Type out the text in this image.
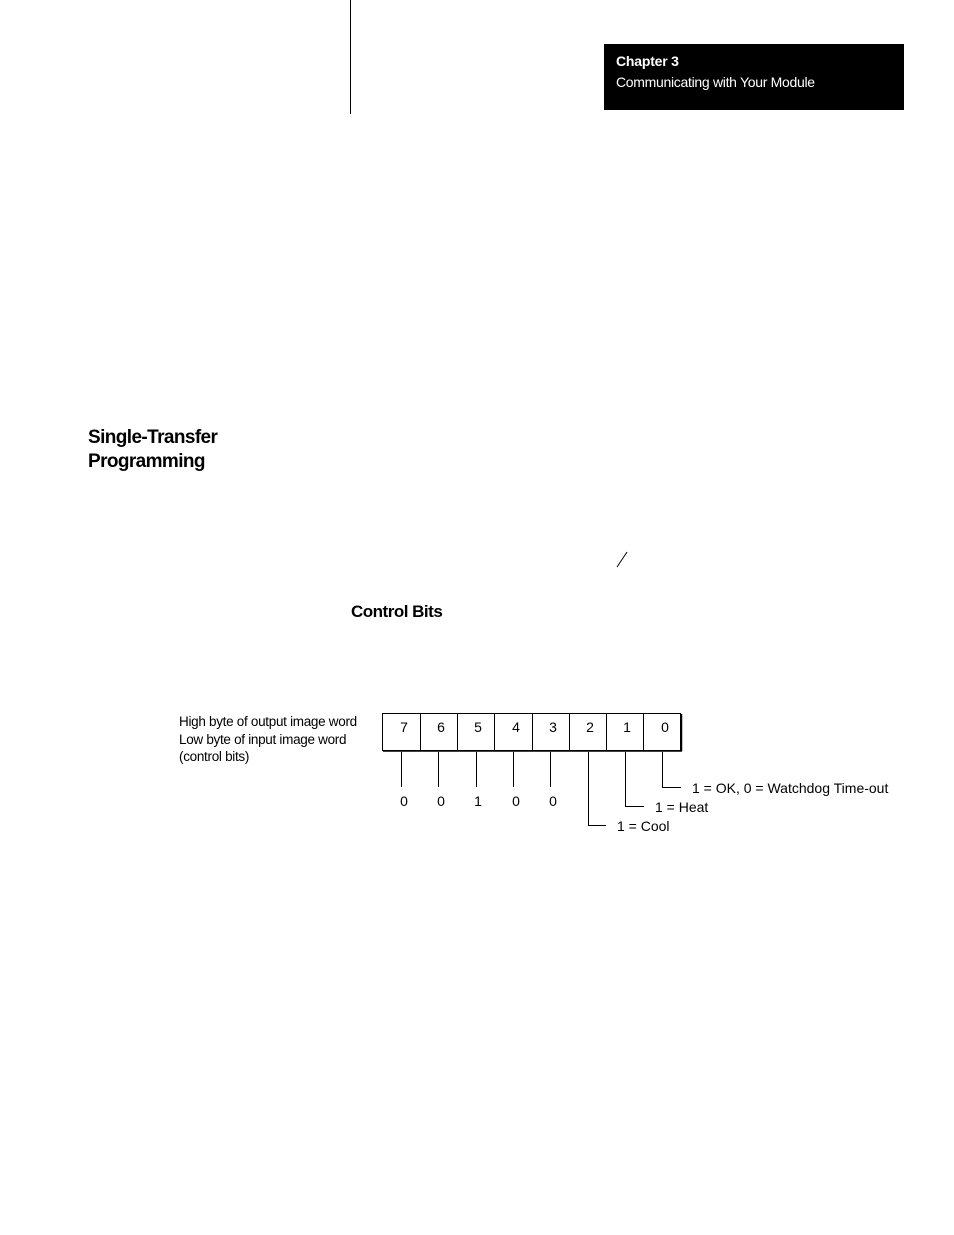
Chapter 3
Communicating with Your Module
Single-Transfer
Programming
Control Bits
High byte of output image word
Low byte of input image word
(control bits)
7 6 5 4 3 2 1 0
0 0 1 0 0
1 = OK, 0 = Watchdog Time-out
1 = Heat
1 = Cool
